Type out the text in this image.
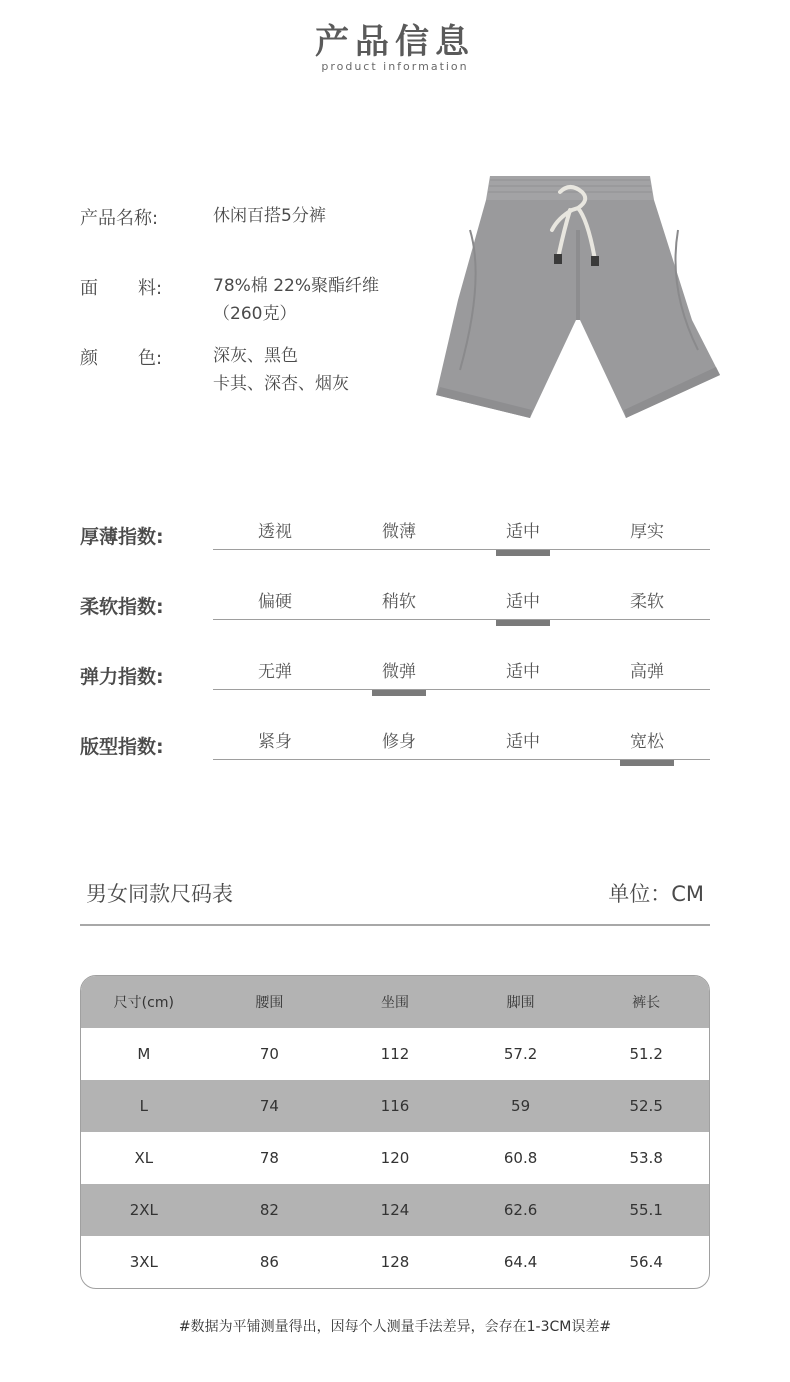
产品信息
product information
产品名称:	休闲百搭5分裤
面 料:	78%棉 22%聚酯纤维
（260克）
颜 色:	深灰、黑色
卡其、深杏、烟灰
厚薄指数:	透视	微薄	适中	厚实
柔软指数:	偏硬	稍软	适中	柔软
弹力指数:	无弹	微弹	适中	高弹
版型指数:	紧身	修身	适中	宽松
男女同款尺码表	单位：CM
尺寸(cm)	腰围	坐围	脚围	裤长
M	70	112	57.2	51.2
L	74	116	59	52.5
XL	78	120	60.8	53.8
2XL	82	124	62.6	55.1
3XL	86	128	64.4	56.4
#数据为平铺测量得出，因每个人测量手法差异，会存在1-3CM误差#
